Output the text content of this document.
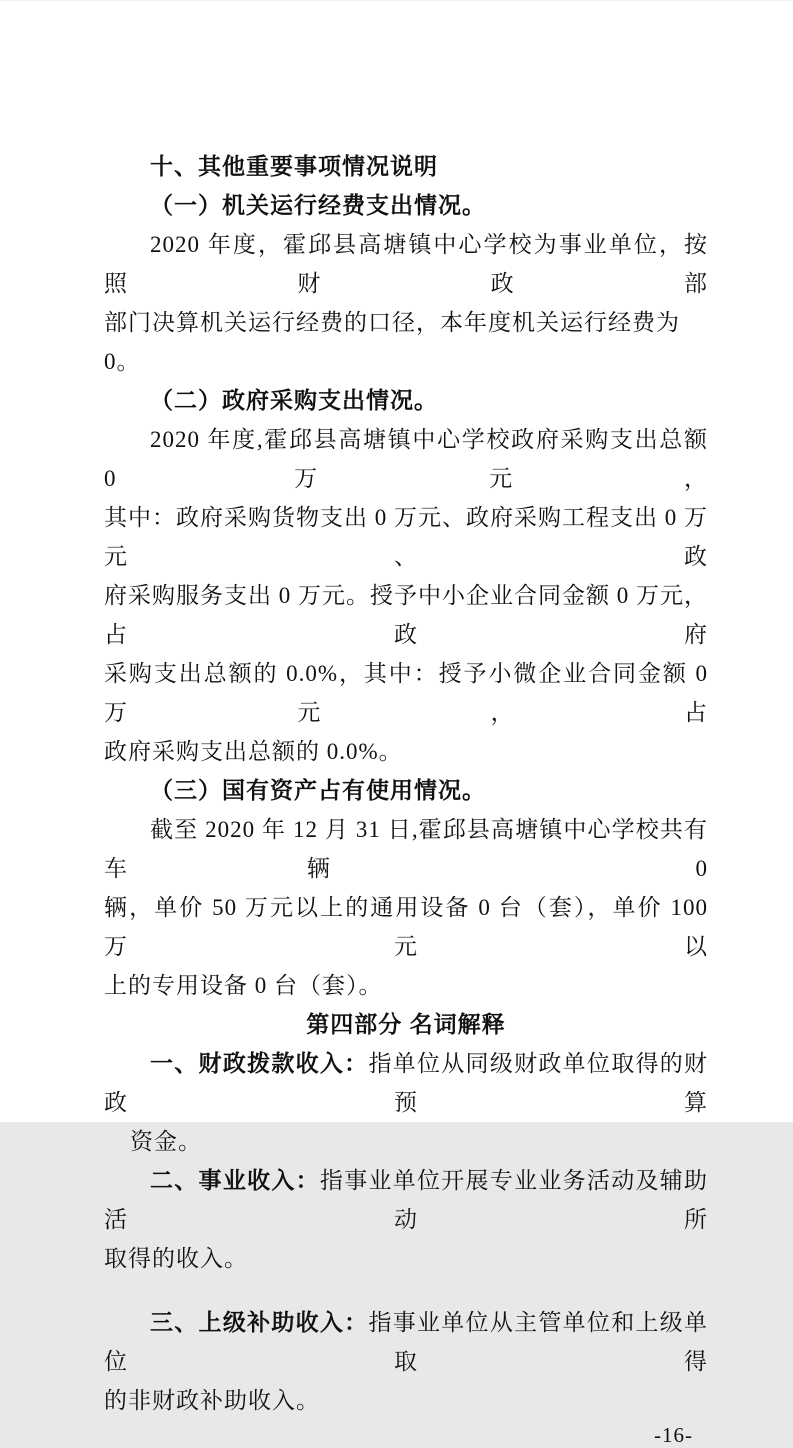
十、其他重要事项情况说明
（一）机关运行经费支出情况。
2020 年度，霍邱县高塘镇中心学校为事业单位，按照财政部
部门决算机关运行经费的口径，本年度机关运行经费为 0。
（二）政府采购支出情况。
2020 年度,霍邱县高塘镇中心学校政府采购支出总额 0 万元，
其中：政府采购货物支出 0 万元、政府采购工程支出 0 万元、政
府采购服务支出 0 万元。授予中小企业合同金额 0 万元，占政府
采购支出总额的 0.0%，其中：授予小微企业合同金额 0 万元，占
政府采购支出总额的 0.0%。
（三）国有资产占有使用情况。
截至 2020 年 12 月 31 日,霍邱县高塘镇中心学校共有车辆 0
辆，单价 50 万元以上的通用设备 0 台（套），单价 100 万元以
上的专用设备 0 台（套）。
第四部分 名词解释
一、财政拨款收入：指单位从同级财政单位取得的财政预算
资金。
二、事业收入：指事业单位开展专业业务活动及辅助活动所
取得的收入。
三、上级补助收入：指事业单位从主管单位和上级单位取得
的非财政补助收入。
-16-
